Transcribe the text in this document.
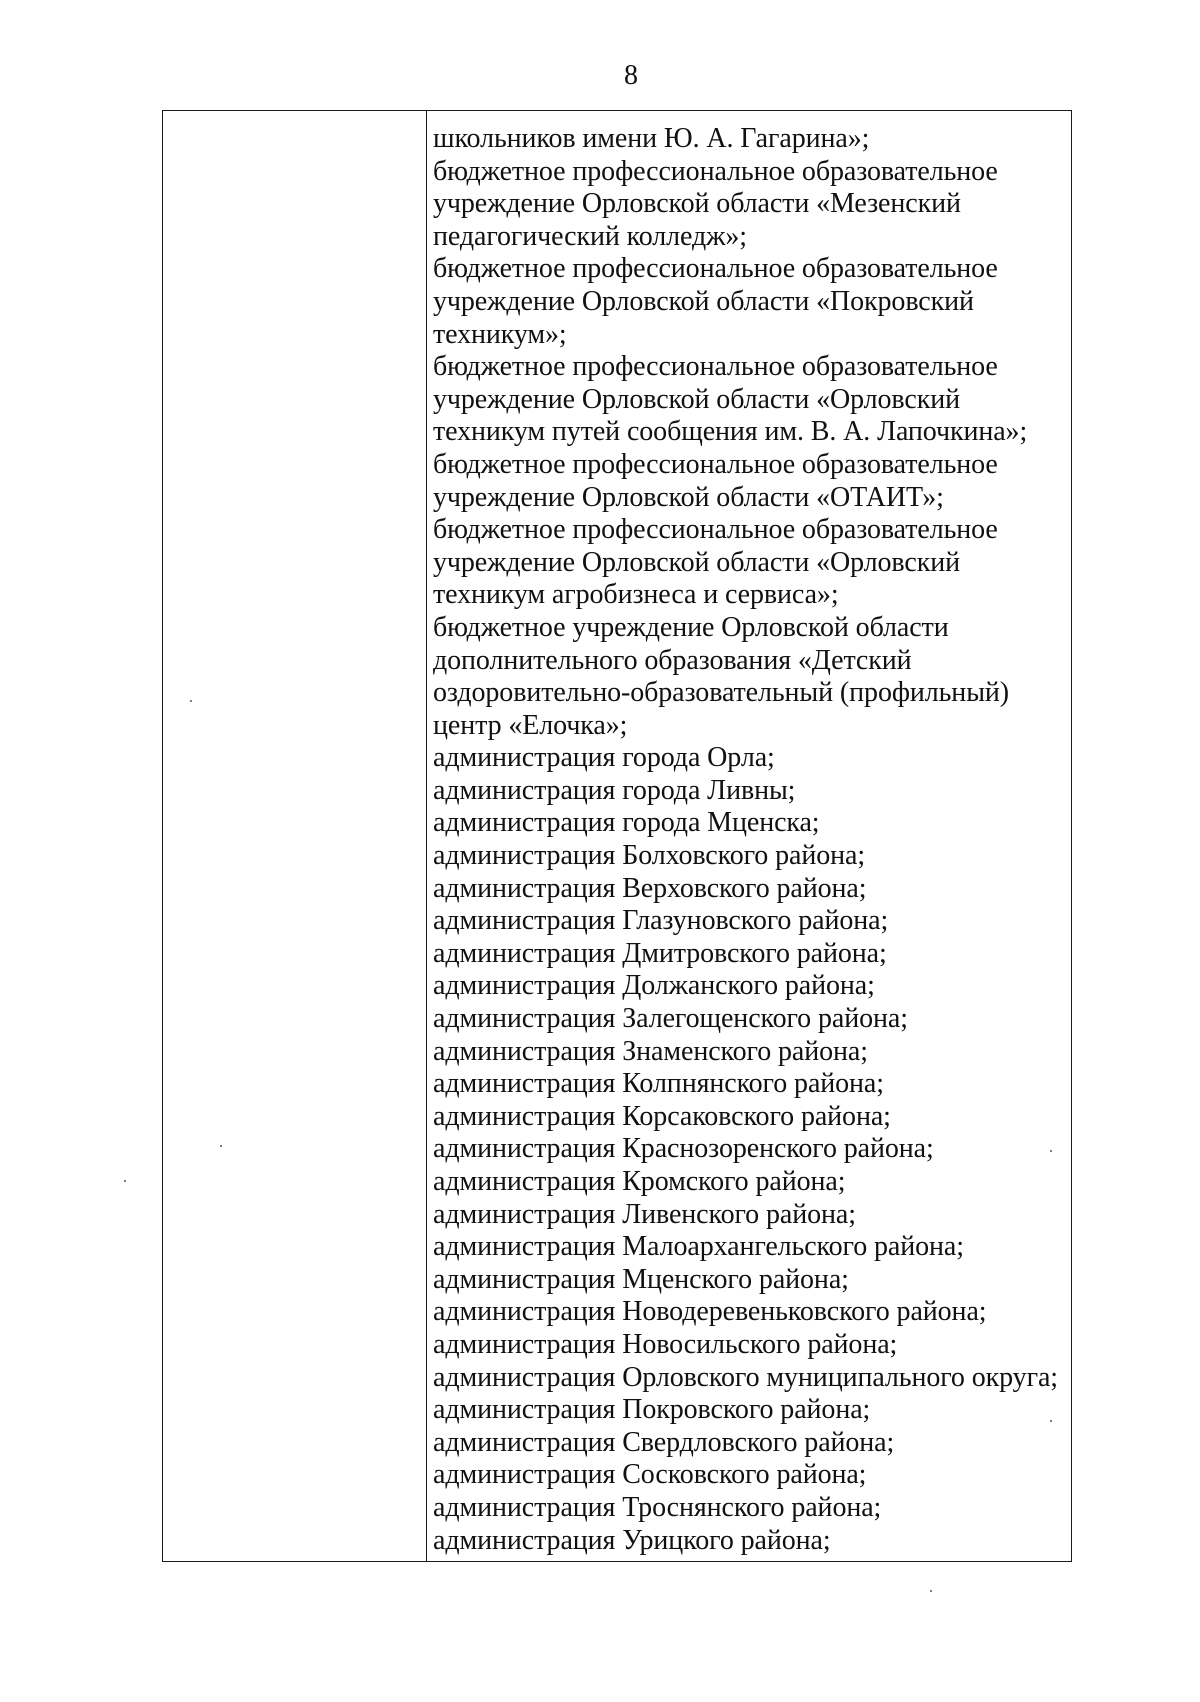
8
школьников имени Ю. А. Гагарина»;
бюджетное профессиональное образовательное
учреждение Орловской области «Мезенский
педагогический колледж»;
бюджетное профессиональное образовательное
учреждение Орловской области «Покровский
техникум»;
бюджетное профессиональное образовательное
учреждение Орловской области «Орловский
техникум путей сообщения им. В. А. Лапочкина»;
бюджетное профессиональное образовательное
учреждение Орловской области «ОТАИТ»;
бюджетное профессиональное образовательное
учреждение Орловской области «Орловский
техникум агробизнеса и сервиса»;
бюджетное учреждение Орловской области
дополнительного образования «Детский
оздоровительно-образовательный (профильный)
центр «Елочка»;
администрация города Орла;
администрация города Ливны;
администрация города Мценска;
администрация Болховского района;
администрация Верховского района;
администрация Глазуновского района;
администрация Дмитровского района;
администрация Должанского района;
администрация Залегощенского района;
администрация Знаменского района;
администрация Колпнянского района;
администрация Корсаковского района;
администрация Краснозоренского района;
администрация Кромского района;
администрация Ливенского района;
администрация Малоархангельского района;
администрация Мценского района;
администрация Новодеревеньковского района;
администрация Новосильского района;
администрация Орловского муниципального округа;
администрация Покровского района;
администрация Свердловского района;
администрация Сосковского района;
администрация Троснянского района;
администрация Урицкого района;
